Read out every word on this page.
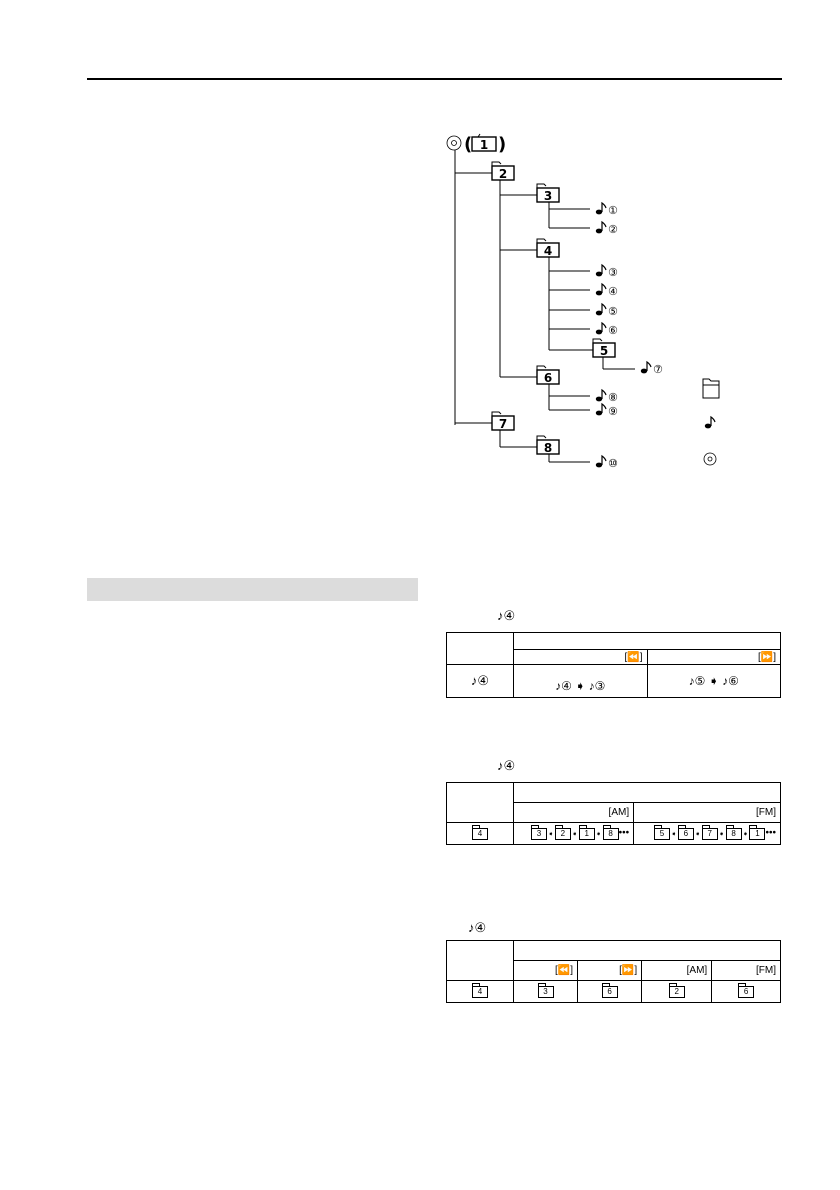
( 1 )
2
3
4
5
6
7
8
①
②
③
④
⑤
⑥
⑦
⑧
⑨
⑩
♪④

	[⏪]	[⏩]
♪④	♪④ ➧ ♪③	♪⑤ ➧ ♪⑥
♪④

	[AM]	[FM]
4	3 ➧ 2 ➧ 1 ➧ 8 •••	5 ➧ 6 ➧ 7 ➧ 8 ➧ 1 •••
♪④

	[⏪]	[⏩]	[AM]	[FM]
4	3	6	2	6
